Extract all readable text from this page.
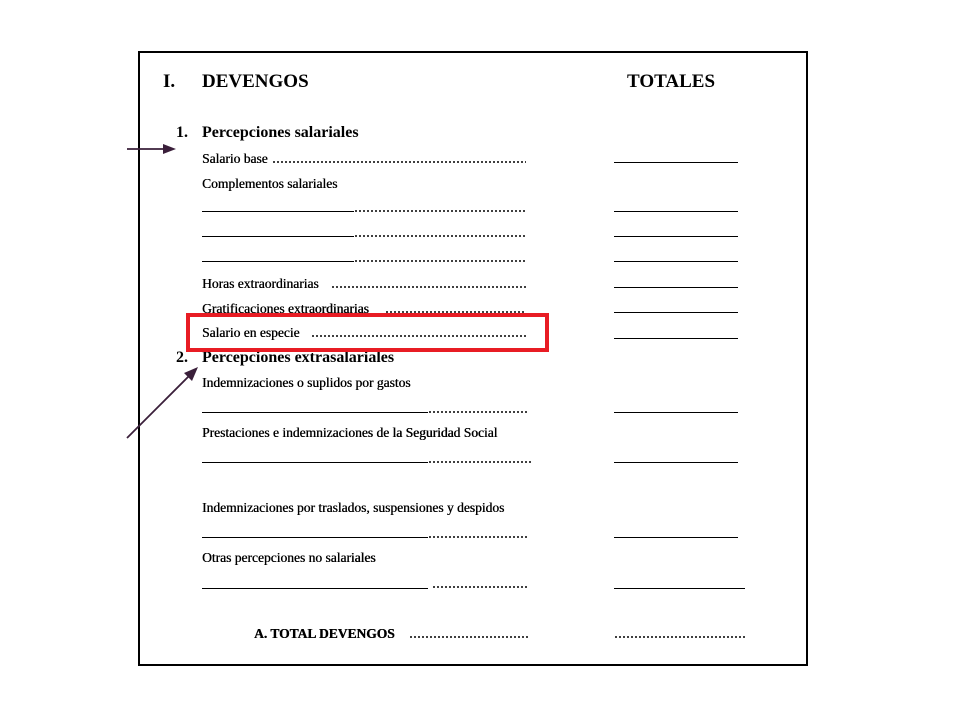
I. DEVENGOS	TOTALES
1. Percepciones salariales
Salario base
Complementos salariales
Horas extraordinarias
Gratificaciones extraordinarias
Salario en especie
2. Percepciones extrasalariales
Indemnizaciones o suplidos por gastos
Prestaciones e indemnizaciones de la Seguridad Social
Indemnizaciones por traslados, suspensiones y despidos
Otras percepciones no salariales
A. TOTAL DEVENGOS
